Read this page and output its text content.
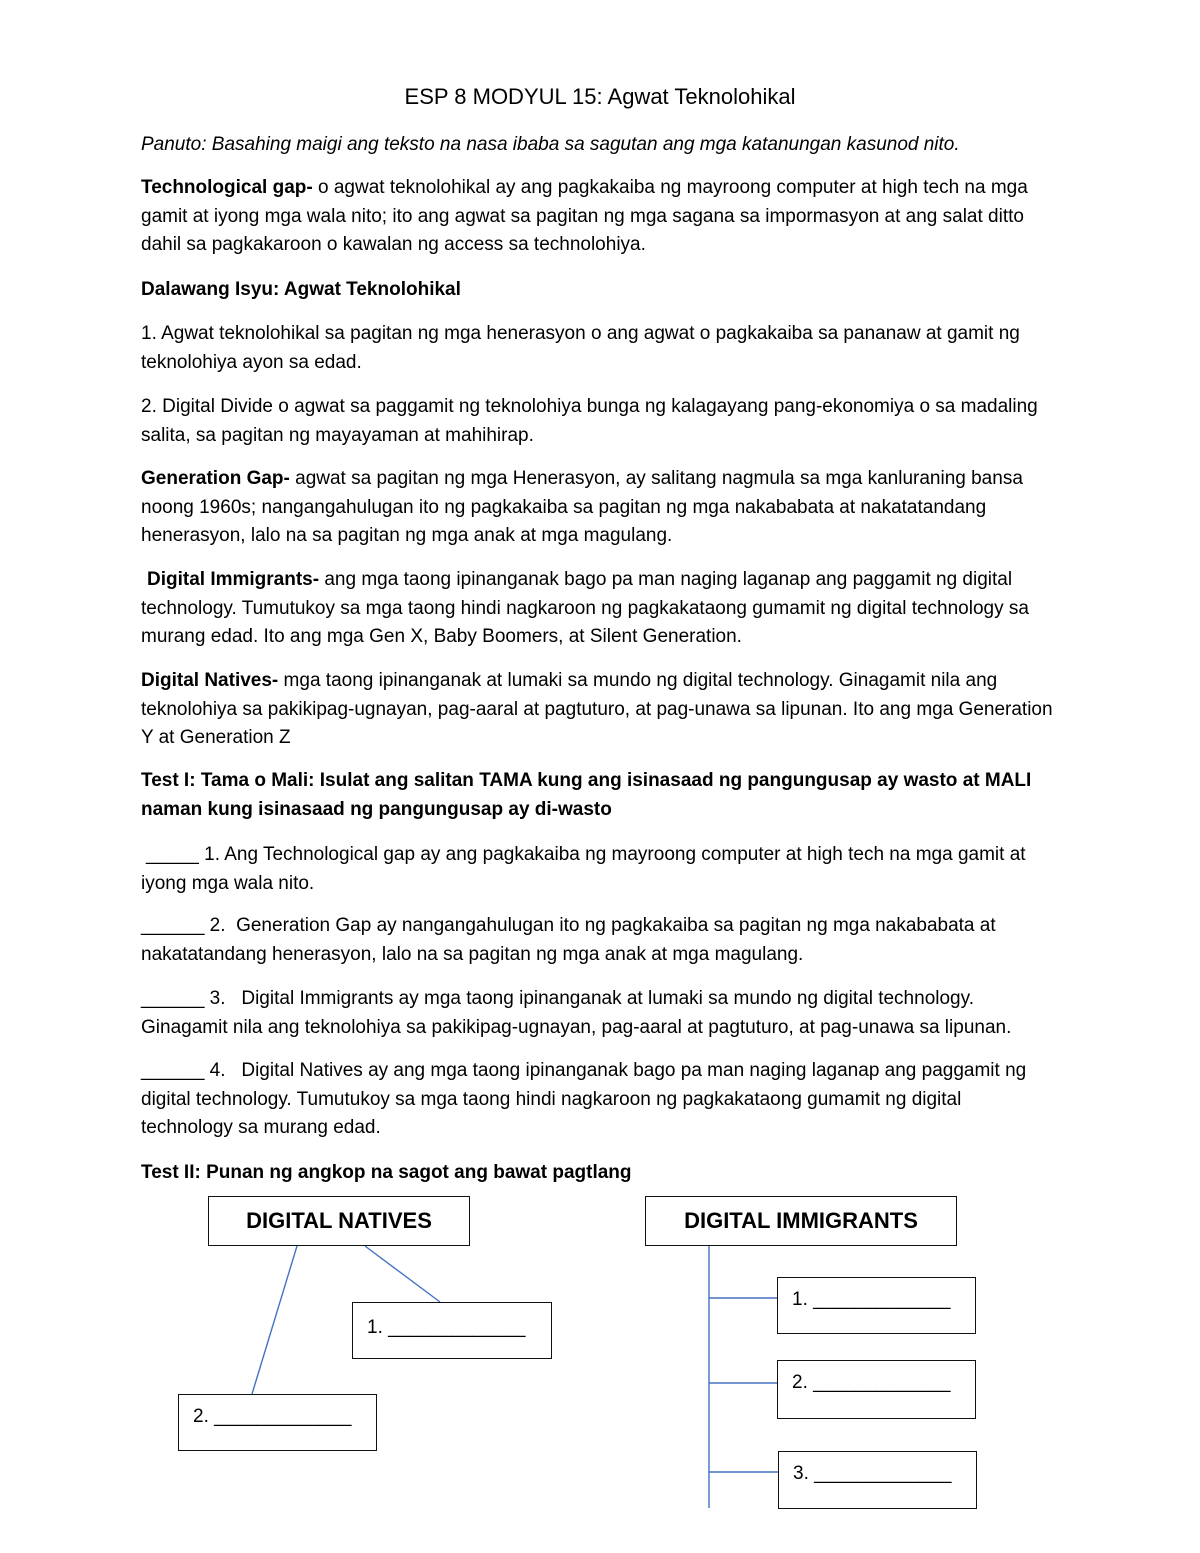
ESP 8 MODYUL 15: Agwat Teknolohikal

Panuto: Basahing maigi ang teksto na nasa ibaba sa sagutan ang mga katanungan kasunod nito.

Technological gap- o agwat teknolohikal ay ang pagkakaiba ng mayroong computer at high tech na mga gamit at iyong mga wala nito; ito ang agwat sa pagitan ng mga sagana sa impormasyon at ang salat ditto dahil sa pagkakaroon o kawalan ng access sa technolohiya.

Dalawang Isyu: Agwat Teknolohikal

1. Agwat teknolohikal sa pagitan ng mga henerasyon o ang agwat o pagkakaiba sa pananaw at gamit ng teknolohiya ayon sa edad.

2. Digital Divide o agwat sa paggamit ng teknolohiya bunga ng kalagayang pang-ekonomiya o sa madaling salita, sa pagitan ng mayayaman at mahihirap.

Generation Gap- agwat sa pagitan ng mga Henerasyon, ay salitang nagmula sa mga kanluraning bansa noong 1960s; nangangahulugan ito ng pagkakaiba sa pagitan ng mga nakababata at nakatatandang henerasyon, lalo na sa pagitan ng mga anak at mga magulang.

Digital Immigrants- ang mga taong ipinanganak bago pa man naging laganap ang paggamit ng digital technology. Tumutukoy sa mga taong hindi nagkaroon ng pagkakataong gumamit ng digital technology sa murang edad. Ito ang mga Gen X, Baby Boomers, at Silent Generation.

Digital Natives- mga taong ipinanganak at lumaki sa mundo ng digital technology. Ginagamit nila ang teknolohiya sa pakikipag-ugnayan, pag-aaral at pagtuturo, at pag-unawa sa lipunan. Ito ang mga Generation Y at Generation Z

Test I: Tama o Mali: Isulat ang salitan TAMA kung ang isinasaad ng pangungusap ay wasto at MALI naman kung isinasaad ng pangungusap ay di-wasto

_____ 1. Ang Technological gap ay ang pagkakaiba ng mayroong computer at high tech na mga gamit at iyong mga wala nito.

______ 2.  Generation Gap ay nangangahulugan ito ng pagkakaiba sa pagitan ng mga nakababata at nakatatandang henerasyon, lalo na sa pagitan ng mga anak at mga magulang.

______ 3.   Digital Immigrants ay mga taong ipinanganak at lumaki sa mundo ng digital technology. Ginagamit nila ang teknolohiya sa pakikipag-ugnayan, pag-aaral at pagtuturo, at pag-unawa sa lipunan.

______ 4.   Digital Natives ay ang mga taong ipinanganak bago pa man naging laganap ang paggamit ng digital technology. Tumutukoy sa mga taong hindi nagkaroon ng pagkakataong gumamit ng digital technology sa murang edad.

Test II: Punan ng angkop na sagot ang bawat pagtlang

DIGITAL NATIVES	DIGITAL IMMIGRANTS
1. _____________
2. _____________
1. _____________
2. _____________
3. _____________
